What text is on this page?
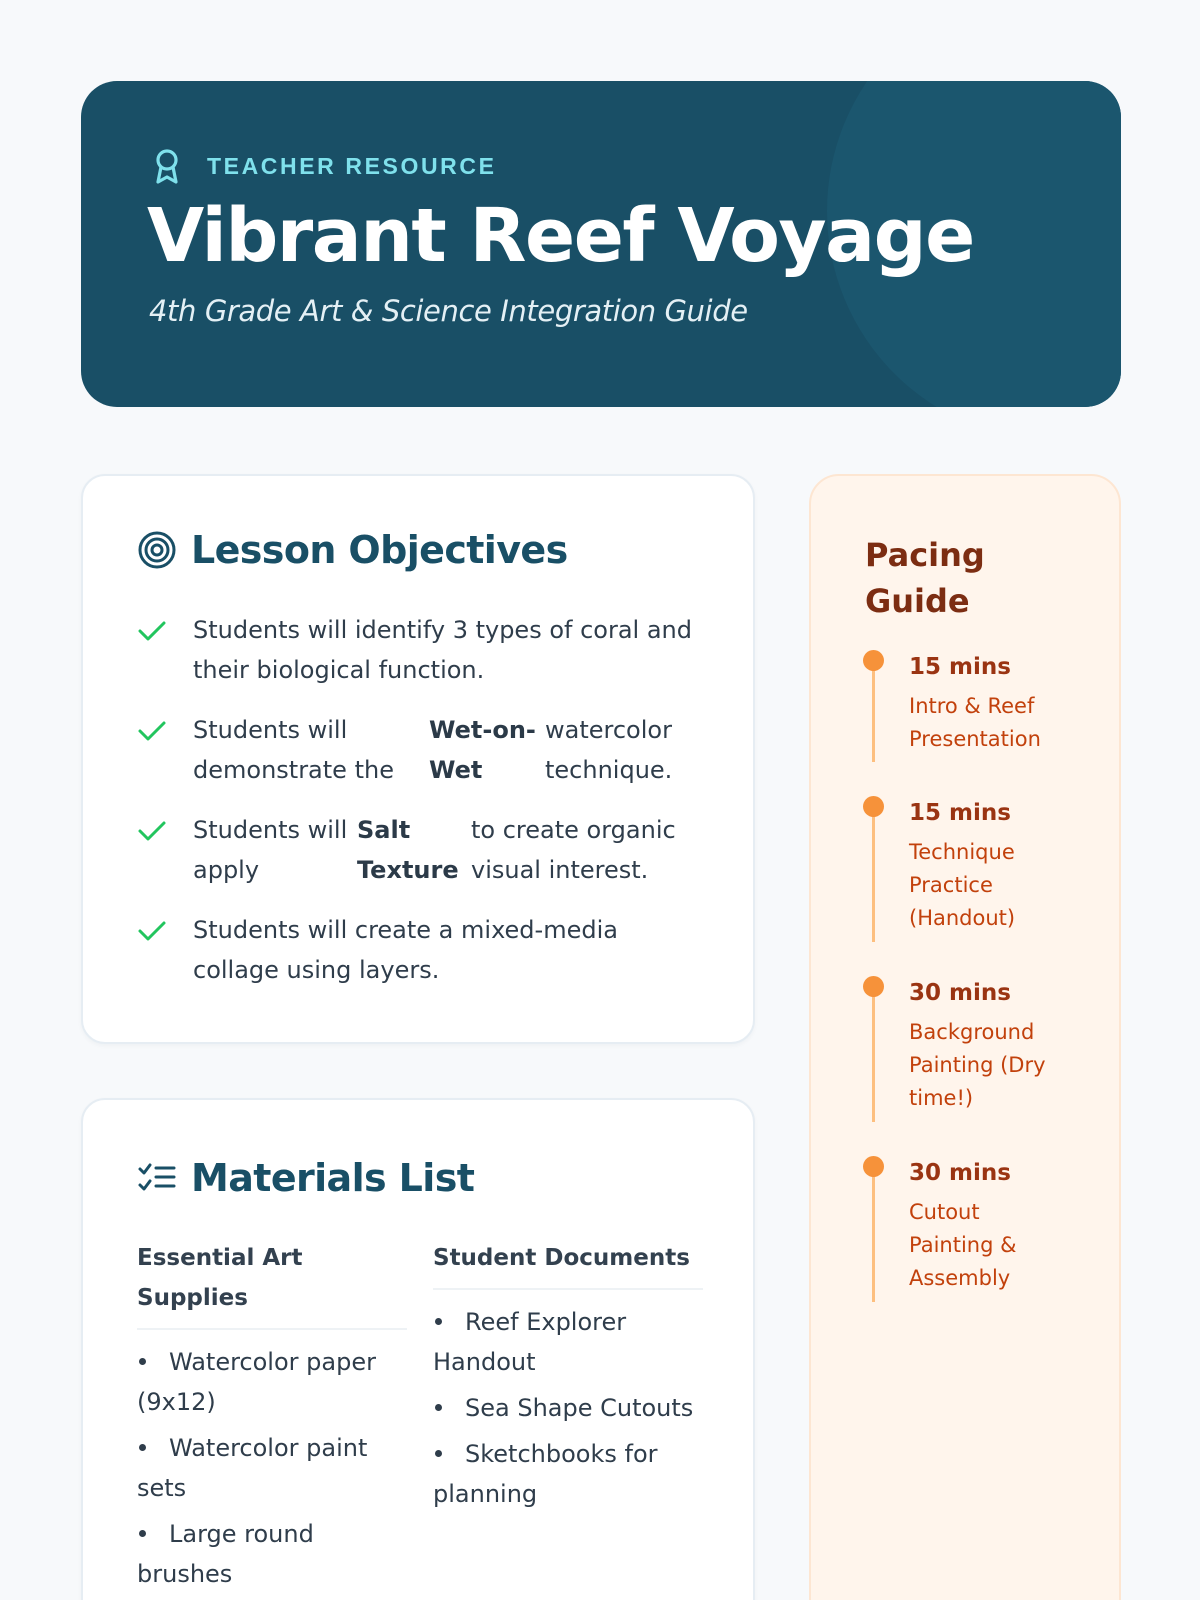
TEACHER RESOURCE
Vibrant Reef Voyage
4th Grade Art & Science Integration Guide
Lesson Objectives
Students will identify 3 types of coral and their biological function.
Students will demonstrate the
Wet-on-Wet
watercolor technique.
Students will apply
Salt Texture
to create organic visual interest.
Students will create a mixed-media collage using layers.
Materials List
Essential Art Supplies
Watercolor paper (9x12)
Watercolor paint sets
Large round brushes
Student Documents
Reef Explorer Handout
Sea Shape Cutouts
Sketchbooks for planning
Pacing Guide
15 mins
Intro & Reef Presentation
15 mins
Technique Practice (Handout)
30 mins
Background Painting (Dry time!)
30 mins
Cutout Painting & Assembly
